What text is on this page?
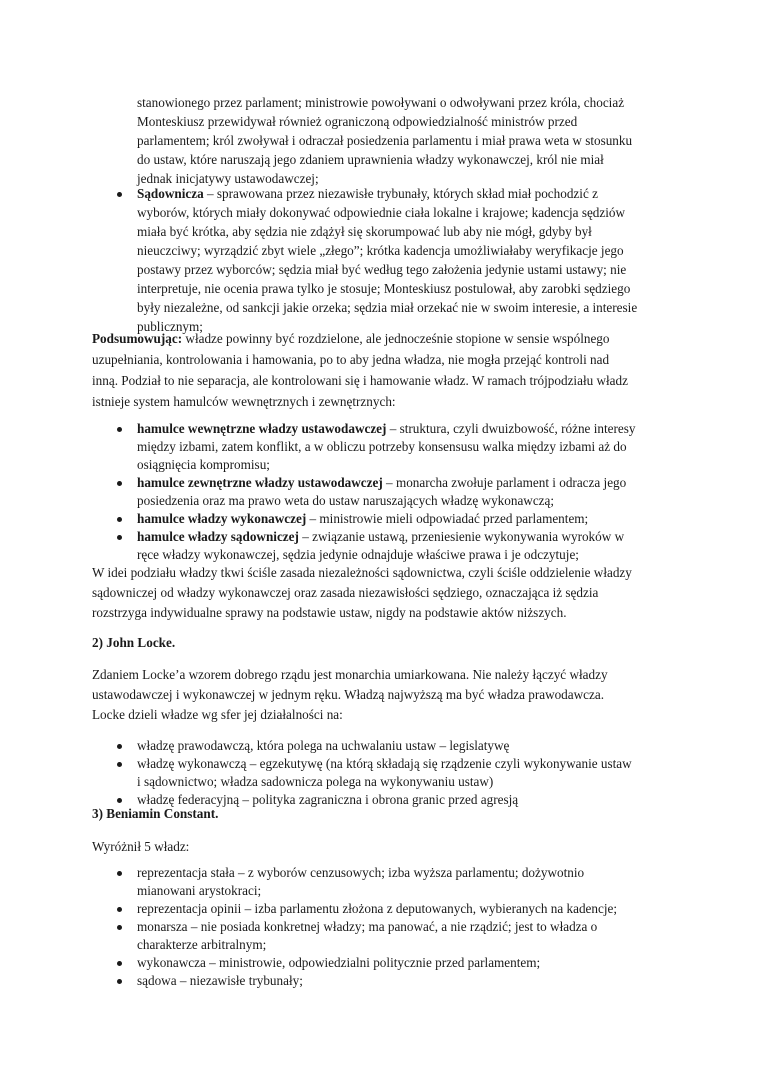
stanowionego przez parlament; ministrowie powoływani o odwoływani przez króla, chociaż
Monteskiusz przewidywał również ograniczoną odpowiedzialność ministrów przed
parlamentem; król zwoływał i odraczał posiedzenia parlamentu i miał prawa weta w stosunku
do ustaw, które naruszają jego zdaniem uprawnienia władzy wykonawczej, król nie miał
jednak inicjatywy ustawodawczej;
Sądownicza – sprawowana przez niezawisłe trybunały, których skład miał pochodzić z
wyborów, których miały dokonywać odpowiednie ciała lokalne i krajowe; kadencja sędziów
miała być krótka, aby sędzia nie zdążył się skorumpować lub aby nie mógł, gdyby był
nieuczciwy; wyrządzić zbyt wiele „złego”; krótka kadencja umożliwiałaby weryfikacje jego
postawy przez wyborców; sędzia miał być według tego założenia jedynie ustami ustawy; nie
interpretuje, nie ocenia prawa tylko je stosuje; Monteskiusz postulował, aby zarobki sędziego
były niezależne, od sankcji jakie orzeka; sędzia miał orzekać nie w swoim interesie, a interesie
publicznym;
Podsumowując: władze powinny być rozdzielone, ale jednocześnie stopione w sensie wspólnego
uzupełniania, kontrolowania i hamowania, po to aby jedna władza, nie mogła przejąć kontroli nad
inną. Podział to nie separacja, ale kontrolowani się i hamowanie władz. W ramach trójpodziału władz
istnieje system hamulców wewnętrznych i zewnętrznych:
hamulce wewnętrzne władzy ustawodawczej – struktura, czyli dwuizbowość, różne interesy
między izbami, zatem konflikt, a w obliczu potrzeby konsensusu walka między izbami aż do
osiągnięcia kompromisu;
hamulce zewnętrzne władzy ustawodawczej – monarcha zwołuje parlament i odracza jego
posiedzenia oraz ma prawo weta do ustaw naruszających władzę wykonawczą;
hamulce władzy wykonawczej – ministrowie mieli odpowiadać przed parlamentem;
hamulce władzy sądowniczej – związanie ustawą, przeniesienie wykonywania wyroków w
ręce władzy wykonawczej, sędzia jedynie odnajduje właściwe prawa i je odczytuje;
W idei podziału władzy tkwi ściśle zasada niezależności sądownictwa, czyli ściśle oddzielenie władzy
sądowniczej od władzy wykonawczej oraz zasada niezawisłości sędziego, oznaczająca iż sędzia
rozstrzyga indywidualne sprawy na podstawie ustaw, nigdy na podstawie aktów niższych.
2) John Locke.
Zdaniem Locke’a wzorem dobrego rządu jest monarchia umiarkowana. Nie należy łączyć władzy
ustawodawczej i wykonawczej w jednym ręku. Władzą najwyższą ma być władza prawodawcza.
Locke dzieli władze wg sfer jej działalności na:
władzę prawodawczą, która polega na uchwalaniu ustaw – legislatywę
władzę wykonawczą – egzekutywę (na którą składają się rządzenie czyli wykonywanie ustaw
i sądownictwo; władza sadownicza polega na wykonywaniu ustaw)
władzę federacyjną – polityka zagraniczna i obrona granic przed agresją
3) Beniamin Constant.
Wyróżnił 5 władz:
reprezentacja stała – z wyborów cenzusowych; izba wyższa parlamentu; dożywotnio
mianowani arystokraci;
reprezentacja opinii – izba parlamentu złożona z deputowanych, wybieranych na kadencje;
monarsza – nie posiada konkretnej władzy; ma panować, a nie rządzić; jest to władza o
charakterze arbitralnym;
wykonawcza – ministrowie, odpowiedzialni politycznie przed parlamentem;
sądowa – niezawisłe trybunały;
